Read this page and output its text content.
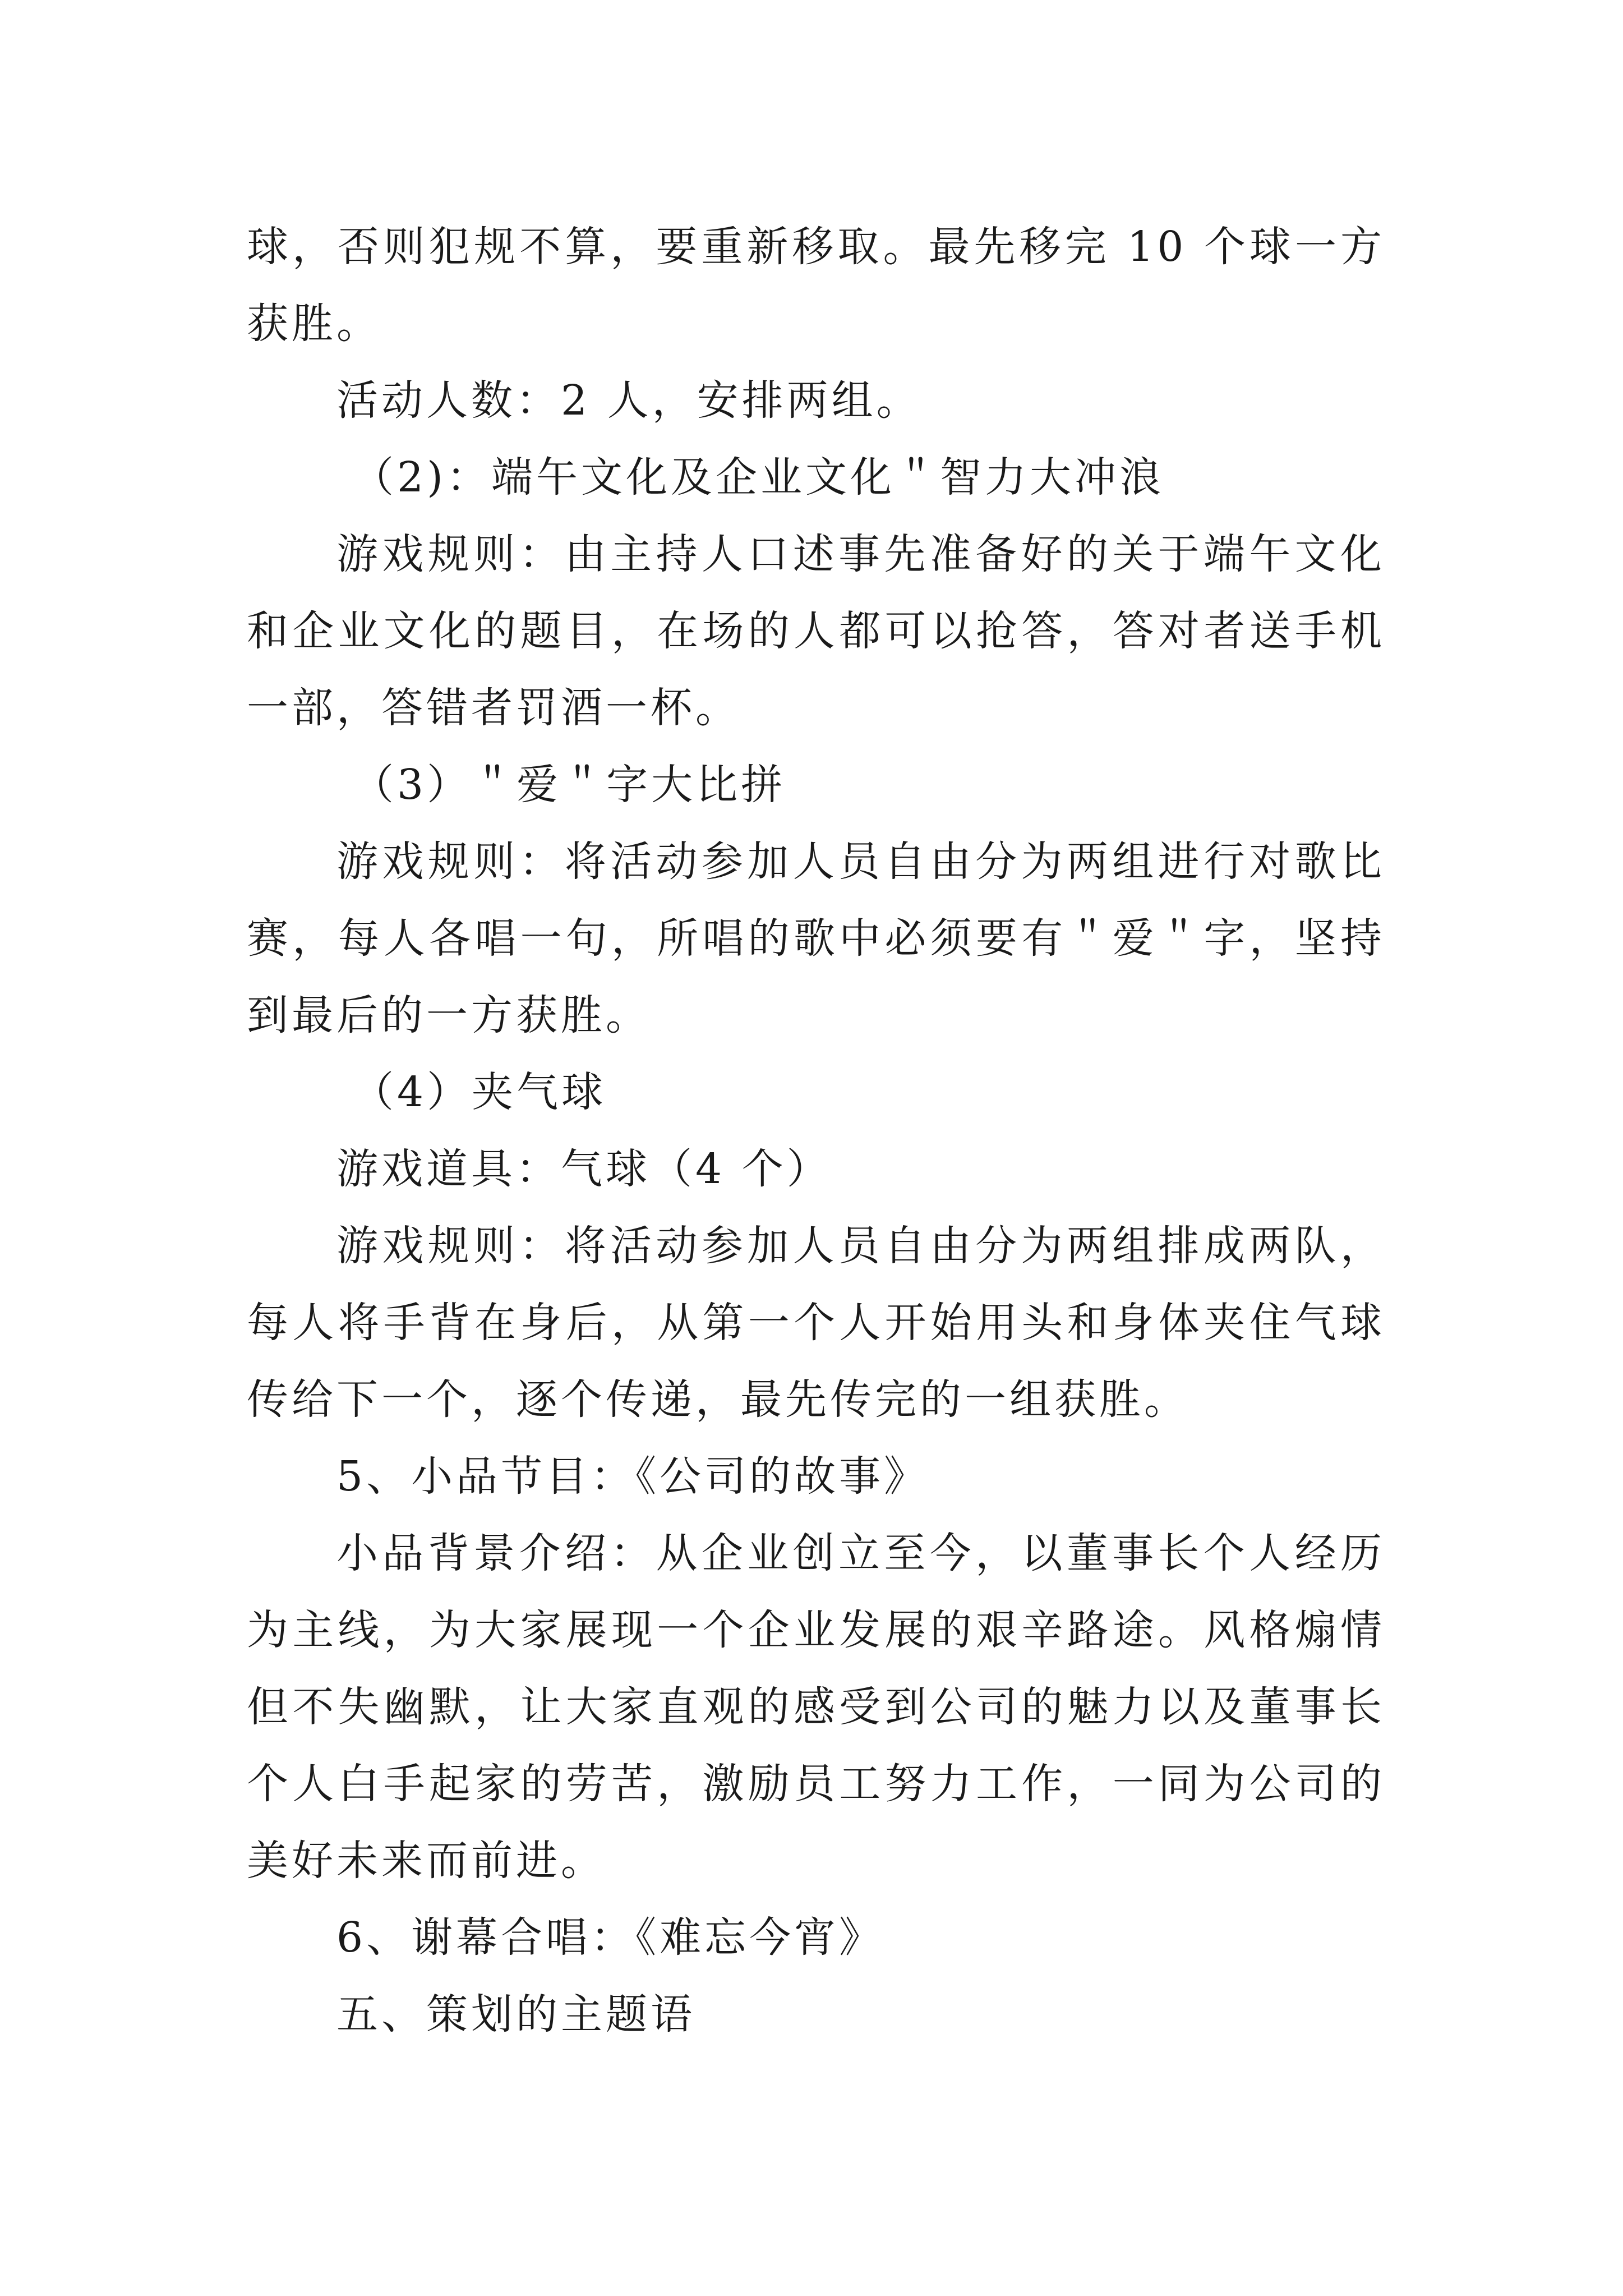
球，否则犯规不算，要重新移取。最先移完 10 个球一方获胜。

活动人数：2 人，安排两组。

（2)：端午文化及企业文化＂智力大冲浪

游戏规则：由主持人口述事先准备好的关于端午文化和企业文化的题目，在场的人都可以抢答，答对者送手机一部，答错者罚酒一杯。

（3）＂爱＂字大比拼

游戏规则：将活动参加人员自由分为两组进行对歌比赛，每人各唱一句，所唱的歌中必须要有＂爱＂字，坚持到最后的一方获胜。

（4）夹气球

游戏道具：气球（4 个）

游戏规则：将活动参加人员自由分为两组排成两队，每人将手背在身后，从第一个人开始用头和身体夹住气球传给下一个，逐个传递，最先传完的一组获胜。

5、小品节目：《公司的故事》

小品背景介绍：从企业创立至今，以董事长个人经历为主线，为大家展现一个企业发展的艰辛路途。风格煽情但不失幽默，让大家直观的感受到公司的魅力以及董事长个人白手起家的劳苦，激励员工努力工作，一同为公司的美好未来而前进。

6、谢幕合唱：《难忘今宵》

五、策划的主题语
